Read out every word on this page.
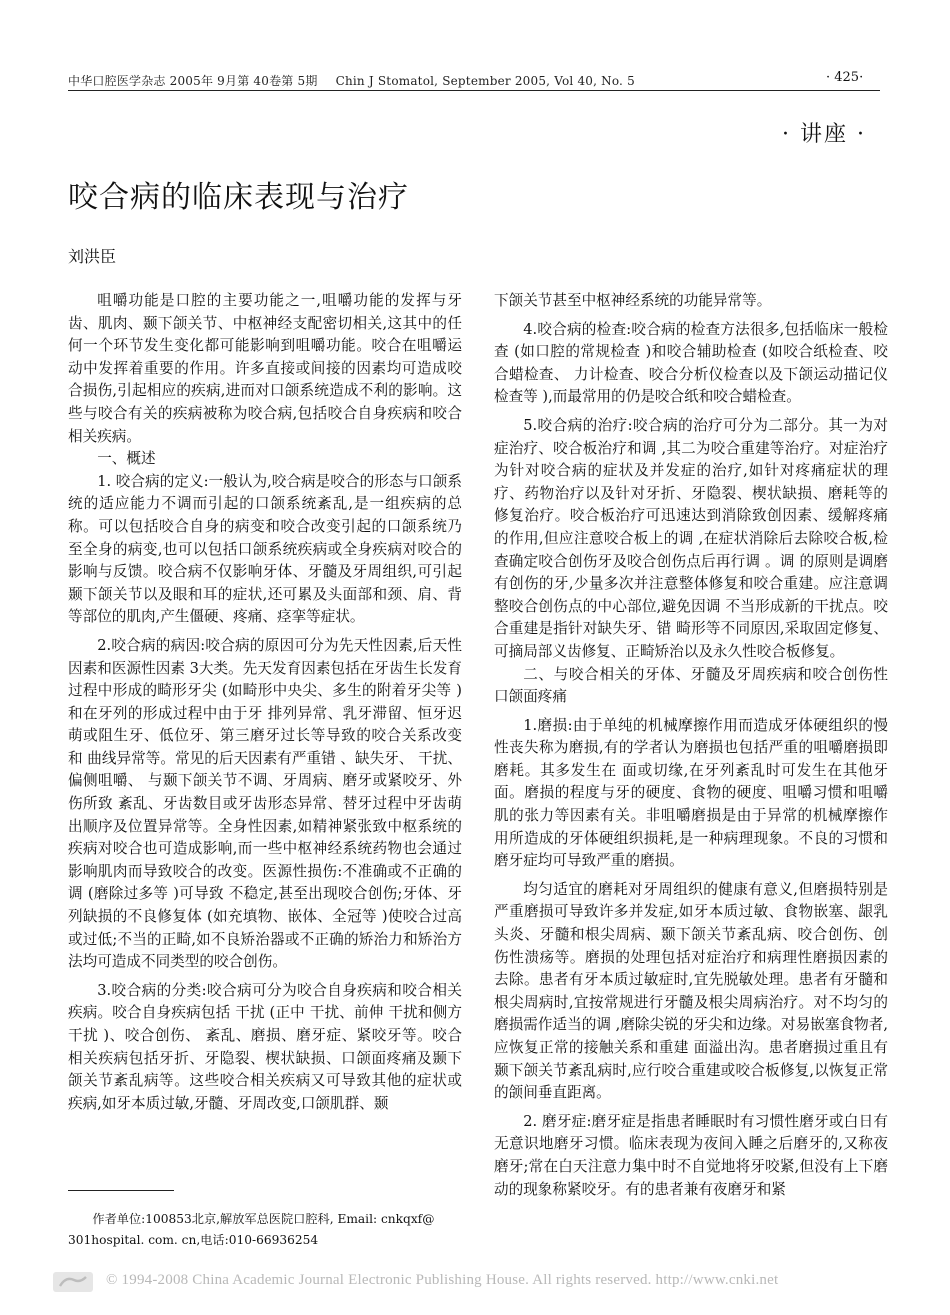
中华口腔医学杂志 2005年 9月第 40卷第 5期 Chin J Stomatol, September 2005, Vol 40, No. 5	· 425·
· 讲座 ·
咬合病的临床表现与治疗
刘洪臣

咀嚼功能是口腔的主要功能之一,咀嚼功能的发挥与牙齿、肌肉、颞下颌关节、中枢神经支配密切相关,这其中的任何一个环节发生变化都可能影响到咀嚼功能。咬合在咀嚼运动中发挥着重要的作用。许多直接或间接的因素均可造成咬合损伤,引起相应的疾病,进而对口颌系统造成不利的影响。这些与咬合有关的疾病被称为咬合病,包括咬合自身疾病和咬合相关疾病。

一、概述

1. 咬合病的定义:一般认为,咬合病是咬合的形态与口颌系统的适应能力不调而引起的口颌系统紊乱,是一组疾病的总称。可以包括咬合自身的病变和咬合改变引起的口颌系统乃至全身的病变,也可以包括口颌系统疾病或全身疾病对咬合的影响与反馈。咬合病不仅影响牙体、牙髓及牙周组织,可引起颞下颌关节以及眼和耳的症状,还可累及头面部和颈、肩、背等部位的肌肉,产生僵硬、疼痛、痉挛等症状。

2.咬合病的病因:咬合病的原因可分为先天性因素,后天性因素和医源性因素 3大类。先天发育因素包括在牙齿生长发育过程中形成的畸形牙尖 (如畸形中央尖、多生的附着牙尖等 )和在牙列的形成过程中由于牙 排列异常、乳牙滞留、恒牙迟萌或阻生牙、低位牙、第三磨牙过长等导致的咬合关系改变和 曲线异常等。常见的后天因素有严重错 、缺失牙、 干扰、偏侧咀嚼、 与颞下颌关节不调、牙周病、磨牙或紧咬牙、外伤所致 紊乱、牙齿数目或牙齿形态异常、替牙过程中牙齿萌出顺序及位置异常等。全身性因素,如精神紧张致中枢系统的疾病对咬合也可造成影响,而一些中枢神经系统药物也会通过影响肌肉而导致咬合的改变。医源性损伤:不准确或不正确的调 (磨除过多等 )可导致 不稳定,甚至出现咬合创伤;牙体、牙列缺损的不良修复体 (如充填物、嵌体、全冠等 )使咬合过高或过低;不当的正畸,如不良矫治器或不正确的矫治力和矫治方法均可造成不同类型的咬合创伤。

3.咬合病的分类:咬合病可分为咬合自身疾病和咬合相关疾病。咬合自身疾病包括 干扰 (正中 干扰、前伸 干扰和侧方 干扰 )、咬合创伤、 紊乱、磨损、磨牙症、紧咬牙等。咬合相关疾病包括牙折、牙隐裂、楔状缺损、口颌面疼痛及颞下颌关节紊乱病等。这些咬合相关疾病又可导致其他的症状或疾病,如牙本质过敏,牙髓、牙周改变,口颌肌群、颞

下颌关节甚至中枢神经系统的功能异常等。

4.咬合病的检查:咬合病的检查方法很多,包括临床一般检查 (如口腔的常规检查 )和咬合辅助检查 (如咬合纸检查、咬合蜡检查、 力计检查、咬合分析仪检查以及下颌运动描记仪检查等 ),而最常用的仍是咬合纸和咬合蜡检查。

5.咬合病的治疗:咬合病的治疗可分为二部分。其一为对症治疗、咬合板治疗和调 ,其二为咬合重建等治疗。对症治疗为针对咬合病的症状及并发症的治疗,如针对疼痛症状的理疗、药物治疗以及针对牙折、牙隐裂、楔状缺损、磨耗等的修复治疗。咬合板治疗可迅速达到消除致创因素、缓解疼痛的作用,但应注意咬合板上的调 ,在症状消除后去除咬合板,检查确定咬合创伤牙及咬合创伤点后再行调 。调 的原则是调磨有创伤的牙,少量多次并注意整体修复和咬合重建。应注意调整咬合创伤点的中心部位,避免因调 不当形成新的干扰点。咬合重建是指针对缺失牙、错 畸形等不同原因,采取固定修复、可摘局部义齿修复、正畸矫治以及永久性咬合板修复。

二、与咬合相关的牙体、牙髓及牙周疾病和咬合创伤性口颌面疼痛

1.磨损:由于单纯的机械摩擦作用而造成牙体硬组织的慢性丧失称为磨损,有的学者认为磨损也包括严重的咀嚼磨损即磨耗。其多发生在 面或切缘,在牙列紊乱时可发生在其他牙面。磨损的程度与牙的硬度、食物的硬度、咀嚼习惯和咀嚼肌的张力等因素有关。非咀嚼磨损是由于异常的机械摩擦作用所造成的牙体硬组织损耗,是一种病理现象。不良的习惯和磨牙症均可导致严重的磨损。

均匀适宜的磨耗对牙周组织的健康有意义,但磨损特别是严重磨损可导致许多并发症,如牙本质过敏、食物嵌塞、龈乳头炎、牙髓和根尖周病、颞下颌关节紊乱病、咬合创伤、创伤性溃疡等。磨损的处理包括对症治疗和病理性磨损因素的去除。患者有牙本质过敏症时,宜先脱敏处理。患者有牙髓和根尖周病时,宜按常规进行牙髓及根尖周病治疗。对不均匀的磨损需作适当的调 ,磨除尖锐的牙尖和边缘。对易嵌塞食物者,应恢复正常的接触关系和重建 面溢出沟。患者磨损过重且有颞下颌关节紊乱病时,应行咬合重建或咬合板修复,以恢复正常的颌间垂直距离。

2. 磨牙症:磨牙症是指患者睡眠时有习惯性磨牙或白日有无意识地磨牙习惯。临床表现为夜间入睡之后磨牙的,又称夜磨牙;常在白天注意力集中时不自觉地将牙咬紧,但没有上下磨动的现象称紧咬牙。有的患者兼有夜磨牙和紧

作者单位:100853北京,解放军总医院口腔科, Email: cnkqxf@ 301hospital. com. cn,电话:010-66936254
© 1994-2008 China Academic Journal Electronic Publishing House. All rights reserved. http://www.cnki.net
